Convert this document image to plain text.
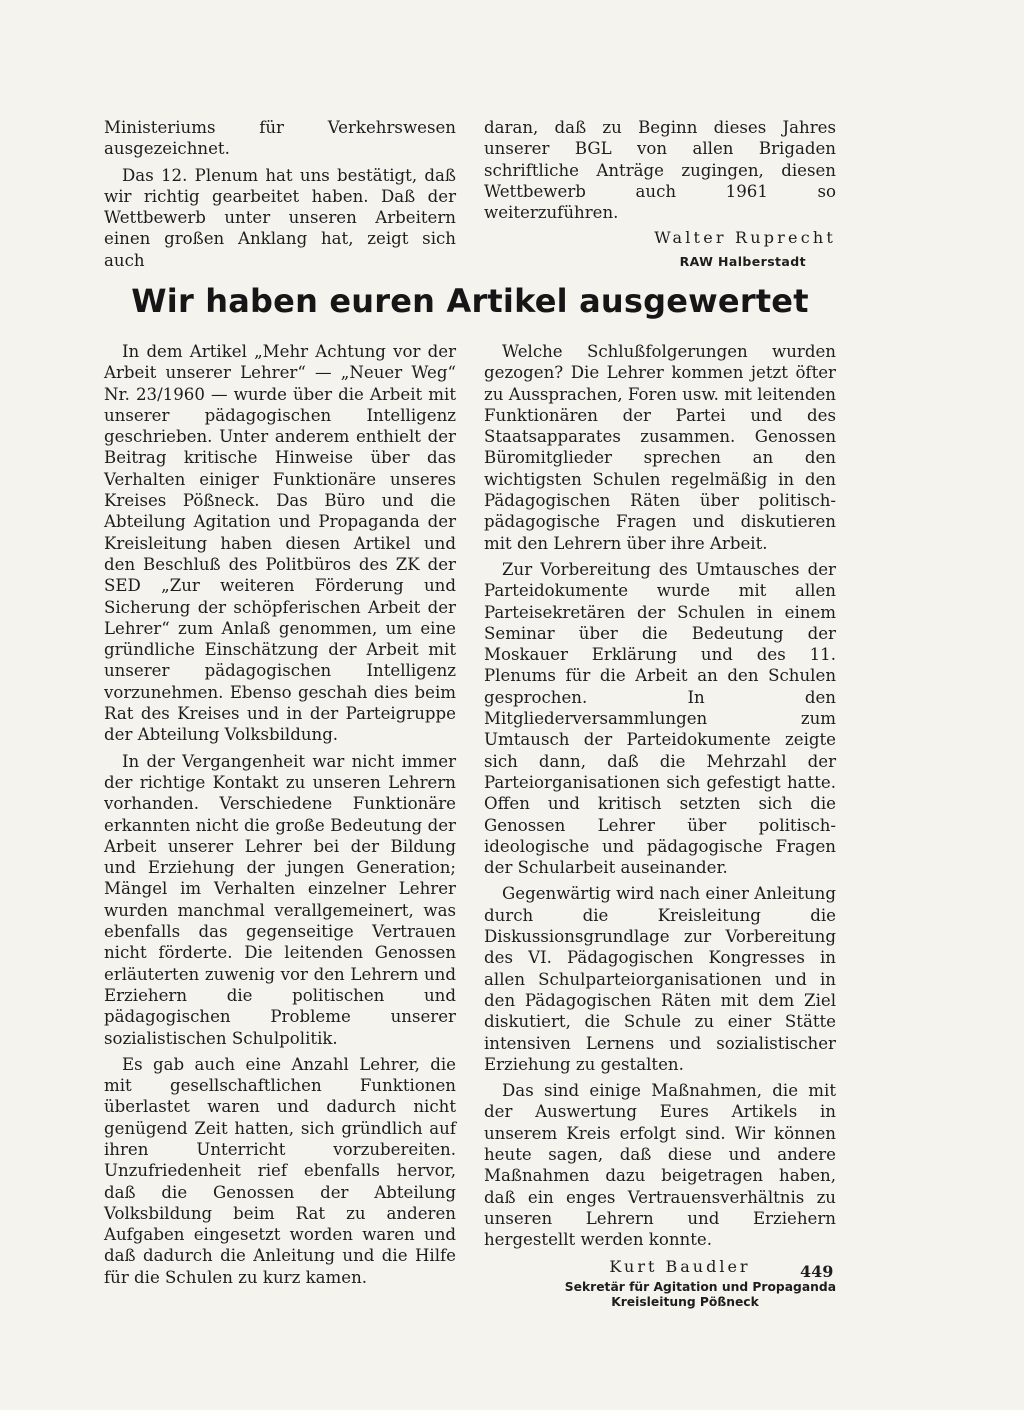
Ministeriums für Verkehrswesen ausgezeichnet.

Das 12. Plenum hat uns bestätigt, daß wir richtig gearbeitet haben. Daß der Wettbewerb unter unseren Arbeitern einen großen Anklang hat, zeigt sich auch

daran, daß zu Beginn dieses Jahres unserer BGL von allen Brigaden schriftliche Anträge zugingen, diesen Wettbewerb auch 1961 so weiterzuführen.

Walter Ruprecht
RAW Halberstadt
Wir haben euren Artikel ausgewertet

In dem Artikel „Mehr Achtung vor der Arbeit unserer Lehrer“ — „Neuer Weg“ Nr. 23/1960 — wurde über die Arbeit mit unserer pädagogischen Intelligenz geschrieben. Unter anderem enthielt der Beitrag kritische Hinweise über das Verhalten einiger Funktionäre unseres Kreises Pößneck. Das Büro und die Abteilung Agitation und Propaganda der Kreisleitung haben diesen Artikel und den Beschluß des Politbüros des ZK der SED „Zur weiteren Förderung und Sicherung der schöpferischen Arbeit der Lehrer“ zum Anlaß genommen, um eine gründliche Einschätzung der Arbeit mit unserer pädagogischen Intelligenz vorzunehmen. Ebenso geschah dies beim Rat des Kreises und in der Parteigruppe der Abteilung Volksbildung.

In der Vergangenheit war nicht immer der richtige Kontakt zu unseren Lehrern vorhanden. Verschiedene Funktionäre erkannten nicht die große Bedeutung der Arbeit unserer Lehrer bei der Bildung und Erziehung der jungen Generation; Mängel im Verhalten einzelner Lehrer wurden manchmal verallgemeinert, was ebenfalls das gegenseitige Vertrauen nicht förderte. Die leitenden Genossen erläuterten zuwenig vor den Lehrern und Erziehern die politischen und pädagogischen Probleme unserer sozialistischen Schulpolitik.

Es gab auch eine Anzahl Lehrer, die mit gesellschaftlichen Funktionen überlastet waren und dadurch nicht genügend Zeit hatten, sich gründlich auf ihren Unterricht vorzubereiten. Unzufriedenheit rief ebenfalls hervor, daß die Genossen der Abteilung Volksbildung beim Rat zu anderen Aufgaben eingesetzt worden waren und daß dadurch die Anleitung und die Hilfe für die Schulen zu kurz kamen.

Welche Schlußfolgerungen wurden gezogen? Die Lehrer kommen jetzt öfter zu Aussprachen, Foren usw. mit leitenden Funktionären der Partei und des Staatsapparates zusammen. Genossen Büromitglieder sprechen an den wichtigsten Schulen regelmäßig in den Pädagogischen Räten über politisch-pädagogische Fragen und diskutieren mit den Lehrern über ihre Arbeit.

Zur Vorbereitung des Umtausches der Parteidokumente wurde mit allen Parteisekretären der Schulen in einem Seminar über die Bedeutung der Moskauer Erklärung und des 11. Plenums für die Arbeit an den Schulen gesprochen. In den Mitgliederversammlungen zum Umtausch der Parteidokumente zeigte sich dann, daß die Mehrzahl der Parteiorganisationen sich gefestigt hatte. Offen und kritisch setzten sich die Genossen Lehrer über politisch-ideologische und pädagogische Fragen der Schularbeit auseinander.

Gegenwärtig wird nach einer Anleitung durch die Kreisleitung die Diskussionsgrundlage zur Vorbereitung des VI. Pädagogischen Kongresses in allen Schulparteiorganisationen und in den Pädagogischen Räten mit dem Ziel diskutiert, die Schule zu einer Stätte intensiven Lernens und sozialistischer Erziehung zu gestalten.

Das sind einige Maßnahmen, die mit der Auswertung Eures Artikels in unserem Kreis erfolgt sind. Wir können heute sagen, daß diese und andere Maßnahmen dazu beigetragen haben, daß ein enges Vertrauensverhältnis zu unseren Lehrern und Erziehern hergestellt werden konnte.

Kurt Baudler
Sekretär für Agitation und Propaganda
Kreisleitung Pößneck
449
